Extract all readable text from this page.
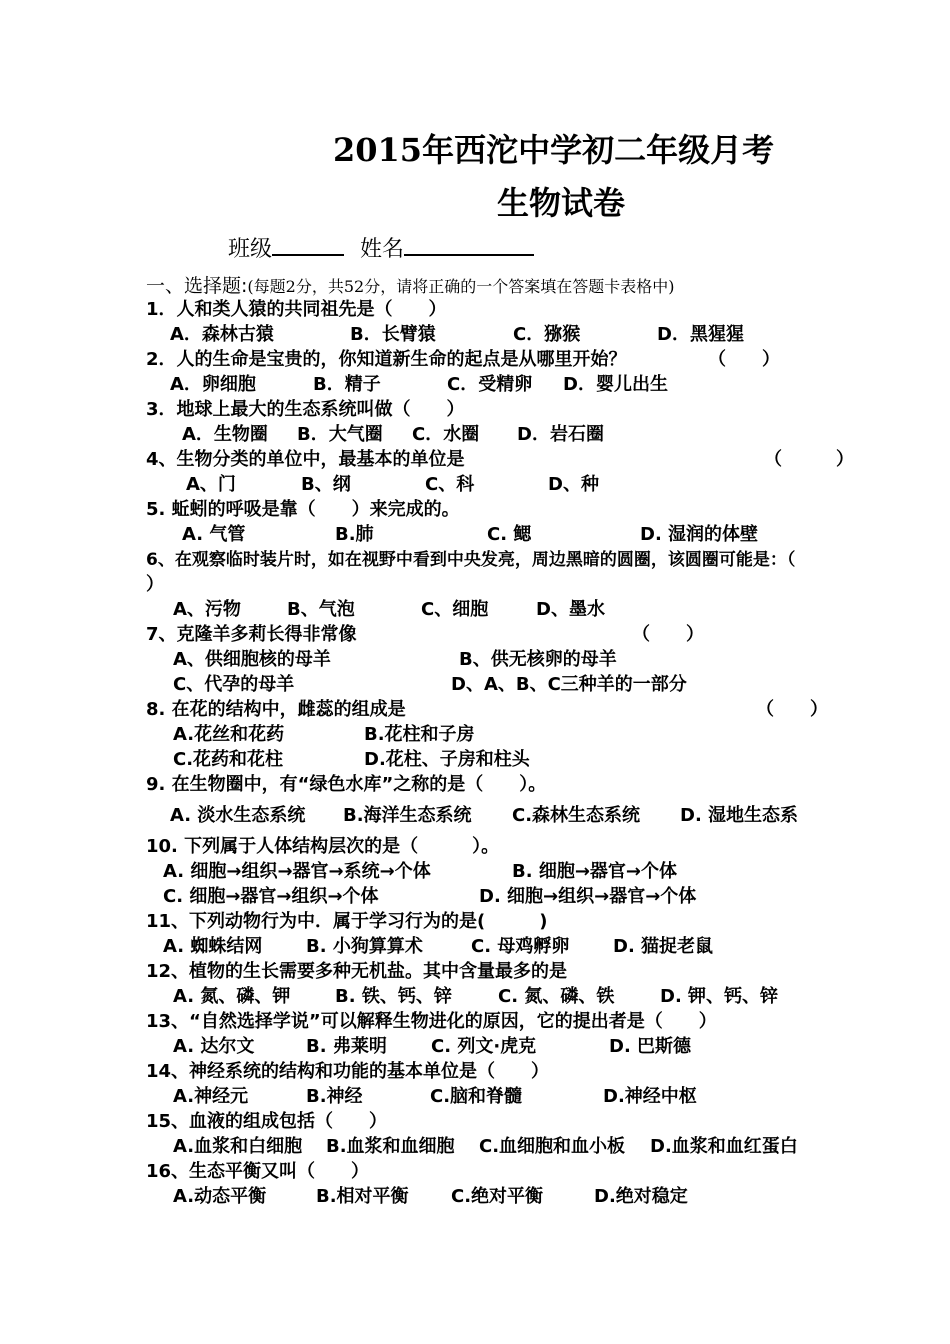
2015年西沱中学初二年级月考
生物试卷
班级	姓名
一、选择题:(每题2分，共52分，请将正确的一个答案填在答题卡表格中)
1．人和类人猿的共同祖先是（　　）
A．森林古猿	B．长臂猿	C．猕猴	D．黑猩猩
2．人的生命是宝贵的，你知道新生命的起点是从哪里开始？	（　　）
A．卵细胞	B．精子	C．受精卵 D．婴儿出生
3．地球上最大的生态系统叫做（　　）
A．生物圈 B．大气圈 C．水圈 D．岩石圈
4、生物分类的单位中，最基本的单位是	（　　　）
A、门	B、纲	C、科	D、种
5. 蚯蚓的呼吸是靠（　　）来完成的。
A. 气管	B.肺	C. 鳃	D. 湿润的体壁
6、在观察临时装片时，如在视野中看到中央发亮，周边黑暗的圆圈，该圆圈可能是：（
）
A、污物	B、气泡	C、细胞	D、墨水
7、克隆羊多莉长得非常像	（　　）
A、供细胞核的母羊	B、供无核卵的母羊
C、代孕的母羊	D、A、B、C三种羊的一部分
8. 在花的结构中，雌蕊的组成是	（　　）
A.花丝和花药	B.花柱和子房
C.花药和花柱	D.花柱、子房和柱头
9. 在生物圈中，有“绿色水库”之称的是（　　）。
A. 淡水生态系统 B.海洋生态系统 C.森林生态系统 D. 湿地生态系
10. 下列属于人体结构层次的是（　　　）。
A. 细胞→组织→器官→系统→个体	B. 细胞→器官→个体
C. 细胞→器官→组织→个体	D. 细胞→组织→器官→个体
11、下列动物行为中．属于学习行为的是(　　　)
A. 蜘蛛结网 B. 小狗算算术	C. 母鸡孵卵 D. 猫捉老鼠
12、植物的生长需要多种无机盐。其中含量最多的是
A. 氮、磷、钾 B. 铁、钙、锌	C. 氮、磷、铁	D. 钾、钙、锌
13、“自然选择学说”可以解释生物进化的原因，它的提出者是（　　）
A. 达尔文	B. 弗莱明 C. 列文·虎克	D. 巴斯德
14、神经系统的结构和功能的基本单位是（　　）
A.神经元	B.神经	C.脑和脊髓	D.神经中枢
15、血液的组成包括（　　）
A.血浆和白细胞 B.血浆和血细胞 C.血细胞和血小板 D.血浆和血红蛋白
16、生态平衡又叫（　　）
A.动态平衡	B.相对平衡 C.绝对平衡	D.绝对稳定
